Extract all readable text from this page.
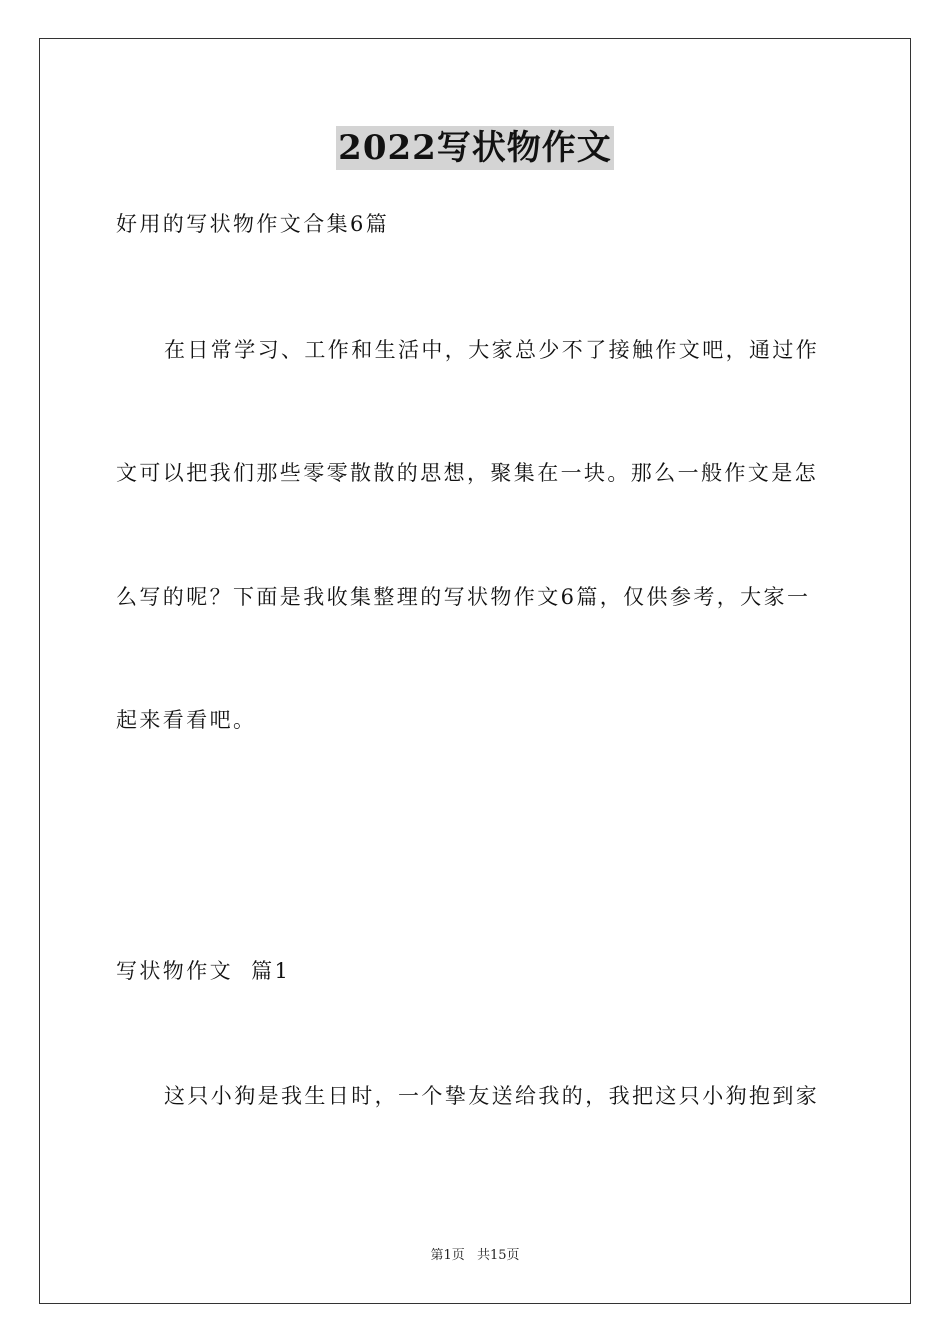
2022写状物作文
好用的写状物作文合集6篇
在日常学习、工作和生活中，大家总少不了接触作文吧，通过作
文可以把我们那些零零散散的思想，聚集在一块。那么一般作文是怎
么写的呢？下面是我收集整理的写状物作文6篇，仅供参考，大家一
起来看看吧。
写状物作文  篇1
这只小狗是我生日时，一个挚友送给我的，我把这只小狗抱到家
第1页 共15页
